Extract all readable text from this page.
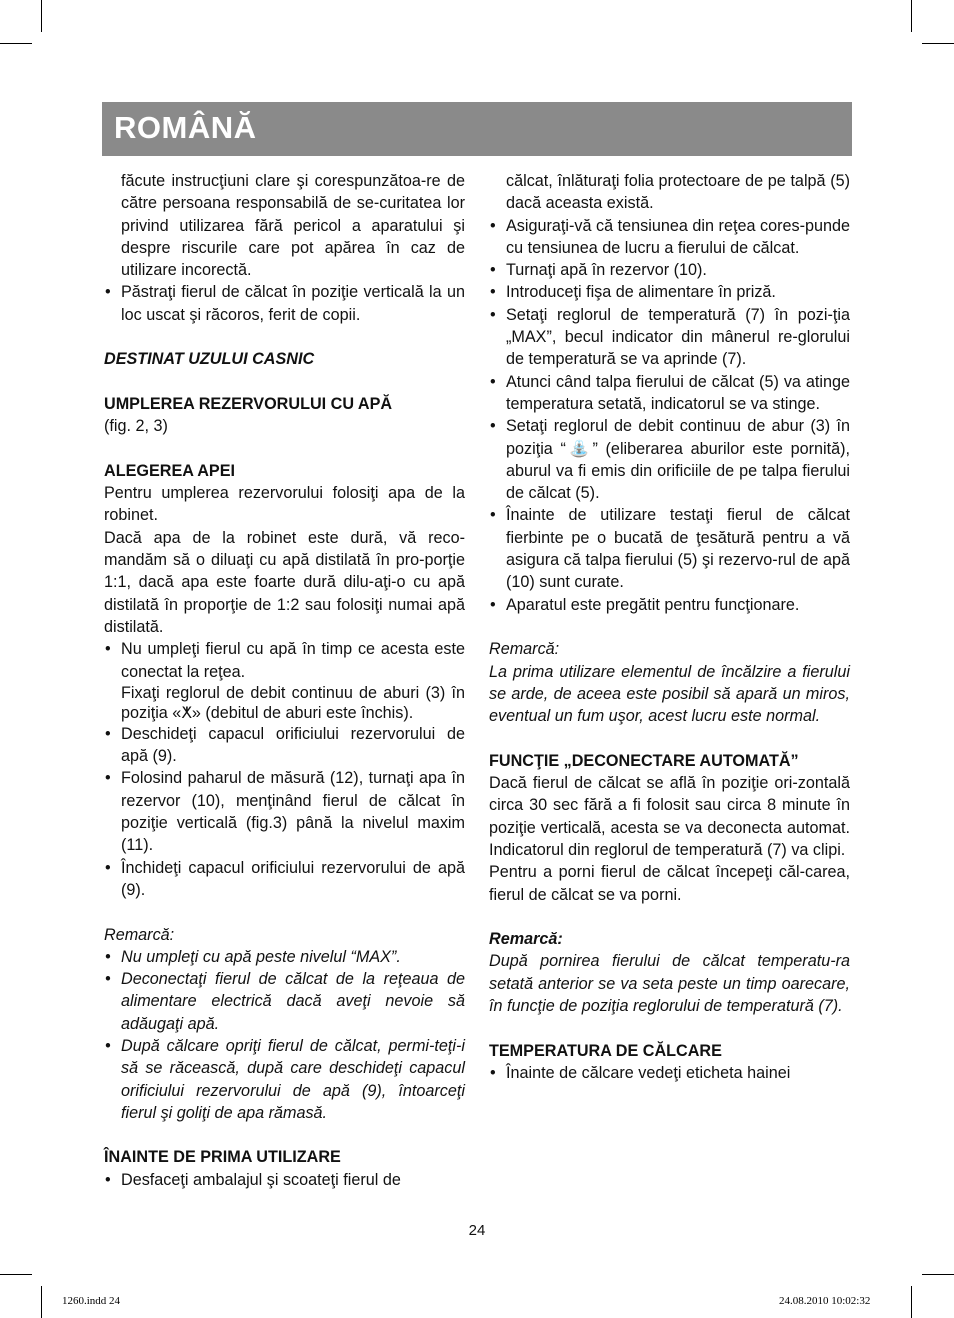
ROMÂNĂ

făcute instrucţiuni clare şi corespunzătoa-re de către persoana responsabilă de se-curitatea lor privind utilizarea fără pericol a aparatului şi despre riscurile care pot apărea în caz de utilizare incorectă.

• Păstraţi fierul de călcat în poziţie verticală la un loc uscat şi răcoros, ferit de copii.

DESTINAT UZULUI CASNIC

UMPLEREA REZERVORULUI CU APĂ

(fig. 2, 3)

ALEGEREA APEI

Pentru umplerea rezervorului folosiţi apa de la robinet.

Dacă apa de la robinet este dură, vă reco-mandăm să o diluaţi cu apă distilată în pro-porţie 1:1, dacă apa este foarte dură dilu-aţi-o cu apă distilată în proporţie de 1:2 sau folosiţi numai apă distilată.

• Nu umpleţi fierul cu apă în timp ce acesta este conectat la reţea.

Fixaţi reglorul de debit continuu de aburi (3) în poziţia «ⵅ» (debitul de aburi este închis).

• Deschideţi capacul orificiului rezervorului de apă (9).

• Folosind paharul de măsură (12), turnaţi apa în rezervor (10), menţinând fierul de călcat în poziţie verticală (fig.3) până la nivelul maxim (11).

• Închideţi capacul orificiului rezervorului de apă (9).

Remarcă:

• Nu umpleţi cu apă peste nivelul “MAX”.

• Deconectaţi fierul de călcat de la reţeaua de alimentare electrică dacă aveţi nevoie să adăugaţi apă.

• După călcare opriţi fierul de călcat, permi-teţi-i să se răcească, după care deschideţi capacul orificiului rezervorului de apă (9), întoarceţi fierul şi goliţi de apa rămasă.

ÎNAINTE DE PRIMA UTILIZARE

• Desfaceţi ambalajul şi scoateţi fierul de

călcat, înlăturaţi folia protectoare de pe talpă (5) dacă aceasta există.

• Asiguraţi-vă că tensiunea din reţea cores-punde cu tensiunea de lucru a fierului de călcat.

• Turnaţi apă în rezervor (10).

• Introduceţi fişa de alimentare în priză.

• Setaţi reglorul de temperatură (7) în pozi-ţia „MAX”, becul indicator din mânerul re-glorului de temperatură se va aprinde (7).

• Atunci când talpa fierului de călcat (5) va atinge temperatura setată, indicatorul se va stinge.

• Setaţi reglorul de debit continuu de abur (3) în poziţia “⛲” (eliberarea aburilor este pornită), aburul va fi emis din orificiile de pe talpa fierului de călcat (5).

• Înainte de utilizare testaţi fierul de călcat fierbinte pe o bucată de ţesătură pentru a vă asigura că talpa fierului (5) şi rezervo-rul de apă (10) sunt curate.

• Aparatul este pregătit pentru funcţionare.

Remarcă:

La prima utilizare elementul de încălzire a fierului se arde, de aceea este posibil să apară un miros, eventual un fum uşor, acest lucru este normal.

FUNCŢIE „DECONECTARE AUTOMATĂ”

Dacă fierul de călcat se află în poziţie ori-zontală circa 30 sec fără a fi folosit sau circa 8 minute în poziţie verticală, acesta se va deconecta automat. Indicatorul din reglorul de temperatură (7) va clipi.

Pentru a porni fierul de călcat începeţi căl-carea, fierul de călcat se va porni.

Remarcă:

După pornirea fierului de călcat temperatu-ra setată anterior se va seta peste un timp oarecare, în funcţie de poziţia reglorului de temperatură (7).

TEMPERATURA DE CĂLCARE

• Înainte de călcare vedeţi eticheta hainei

24
1260.indd 24	24.08.2010 10:02:32
